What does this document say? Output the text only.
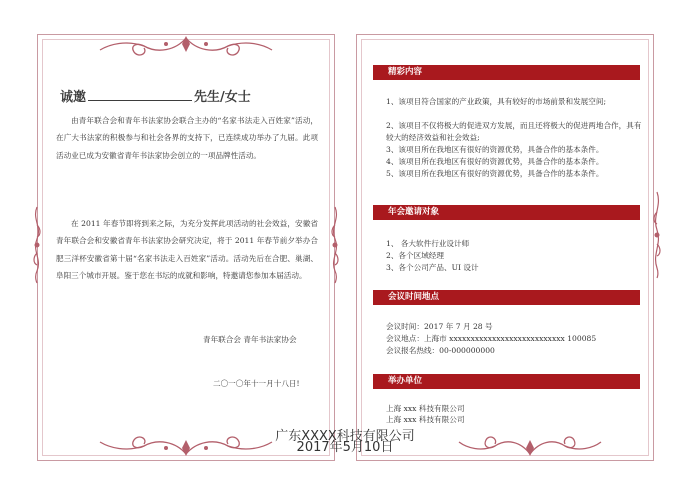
诚邀	先生/女士

由青年联合会和青年书法家协会联合主办的“名家书法走入百姓家”活动，在广大书法家的积极参与和社会各界的支持下，已连续成功举办了九届。此项活动业已成为安徽省青年书法家协会创立的一项品牌性活动。

在 2011 年春节即将到来之际，为充分发挥此项活动的社会效益，安徽省青年联合会和安徽省青年书法家协会研究决定，将于 2011 年春节前夕举办合肥三洋杯安徽省第十届“名家书法走入百姓家”活动。活动先后在合肥、巢湖、阜阳三个城市开展。鉴于您在书坛的成就和影响，特邀请您参加本届活动。

青年联合会 青年书法家协会
二〇一〇年十一月十八日!
精彩内容
1、该项目符合国家的产业政策，具有较好的市场前景和发展空间;
2、该项目不仅将极大的促进双方发展，而且还将极大的促进两地合作，具有较大的经济效益和社会效益;
3、该项目所在我地区有很好的资源优势，具备合作的基本条件。
4、该项目所在我地区有很好的资源优势，具备合作的基本条件。
5、该项目所在我地区有很好的资源优势，具备合作的基本条件。
年会邀请对象
1、 各大软件行业设计师
2、各个区域经理
3、各个公司产品、UI 设计
会议时间地点
会议时间：2017 年 7 月 28 号
会议地点：上海市 xxxxxxxxxxxxxxxxxxxxxxxxxxx 100085
会议报名热线：00-000000000
举办单位
上海 xxx 科技有限公司
上海 xxx 科技有限公司
广东XXXX科技有限公司
2017年5月10日
